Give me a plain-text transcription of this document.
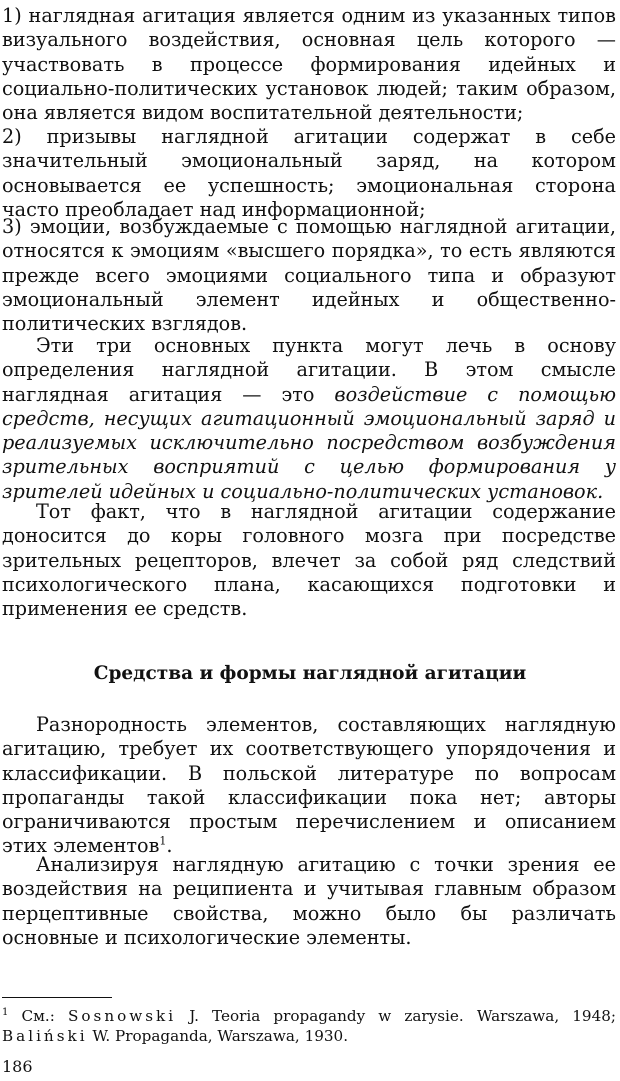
1) наглядная агитация является одним из указанных типов визуального воздействия, основная цель которого — участвовать в процессе формирования идейных и социально-политических установок людей; таким образом, она является видом воспитательной деятельности;

2) призывы наглядной агитации содержат в себе значительный эмоциональный заряд, на котором основывается ее успешность; эмоциональная сторона часто преобладает над информационной;

3) эмоции, возбуждаемые с помощью наглядной агитации, относятся к эмоциям «высшего порядка», то есть являются прежде всего эмоциями социального типа и образуют эмоциональный элемент идейных и общественно-политических взглядов.

Эти три основных пункта могут лечь в основу определения наглядной агитации. В этом смысле наглядная агитация — это воздействие с помощью средств, несущих агитационный эмоциональный заряд и реализуемых исключительно посредством возбуждения зрительных восприятий с целью формирования у зрителей идейных и социально-политических установок.

Тот факт, что в наглядной агитации содержание доносится до коры головного мозга при посредстве зрительных рецепторов, влечет за собой ряд следствий психологического плана, касающихся подготовки и применения ее средств.

Средства и формы наглядной агитации

Разнородность элементов, составляющих наглядную агитацию, требует их соответствующего упорядочения и классификации. В польской литературе по вопросам пропаганды такой классификации пока нет; авторы ограничиваются простым перечислением и описанием этих элементов$^1$.

Анализируя наглядную агитацию с точки зрения ее воздействия на реципиента и учитывая главным образом перцептивные свойства, можно было бы различать основные и психологические элементы.

$^1$ См.: Sosnowski J. Teoria propagandy w zarysie. Warszawa, 1948; Baliński W. Propaganda, Warszawa, 1930.

186
